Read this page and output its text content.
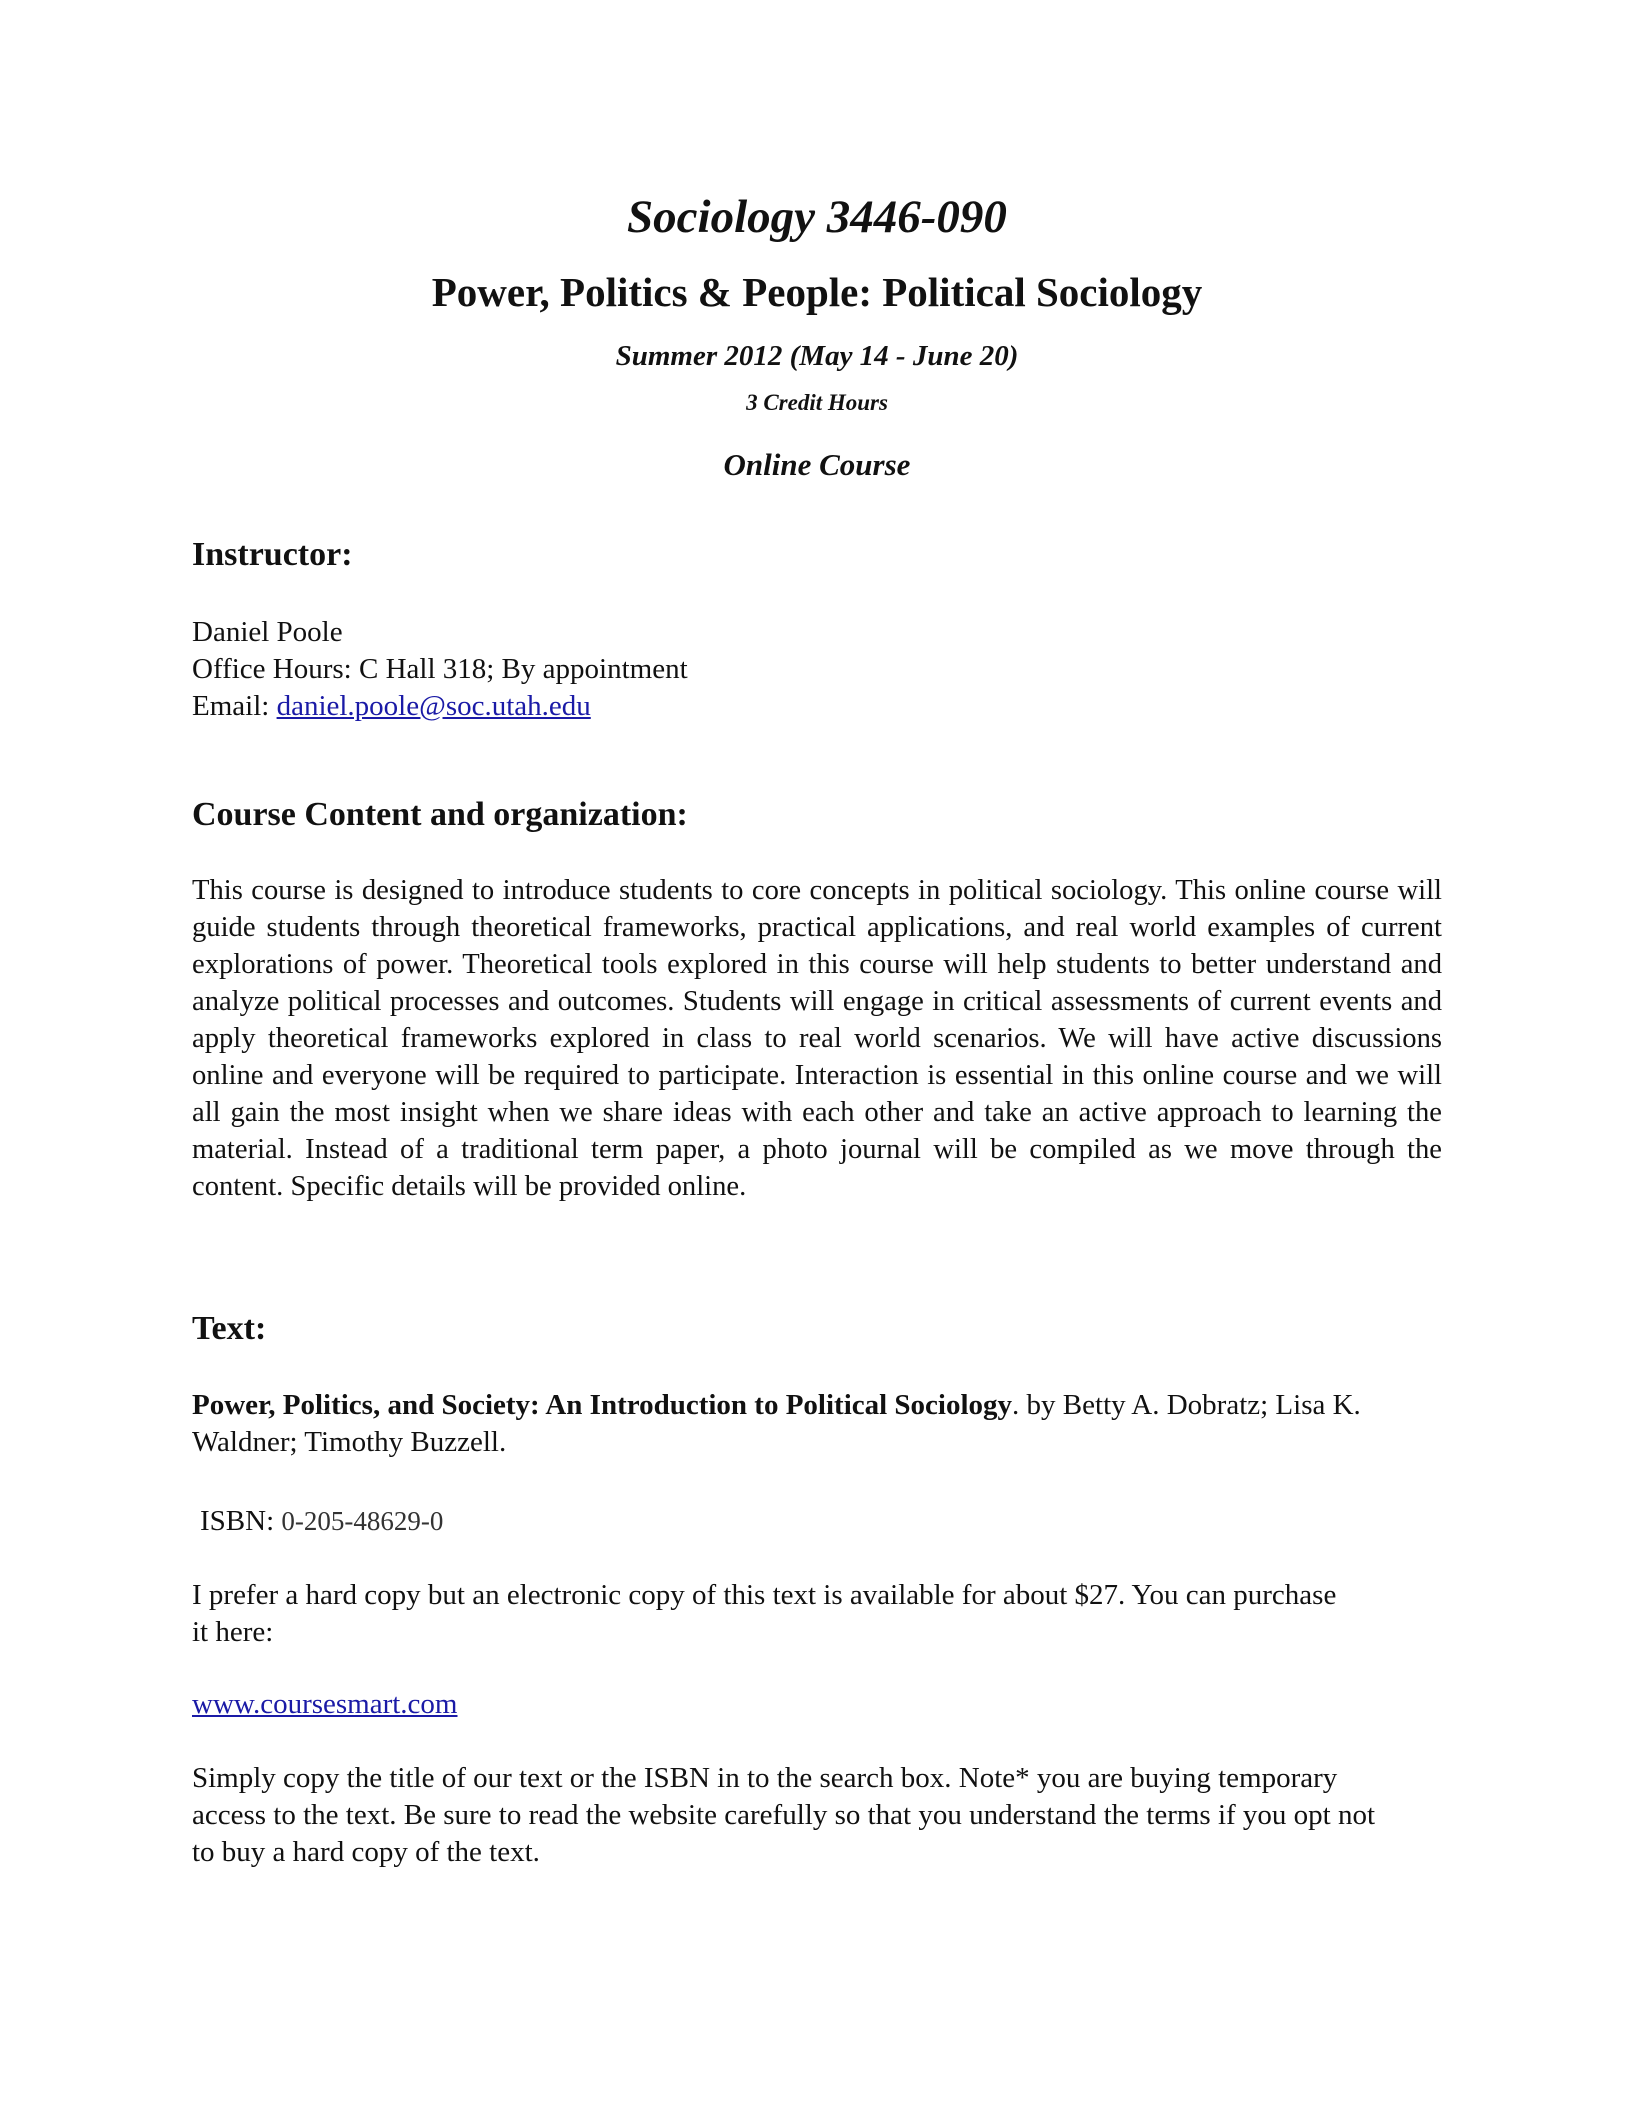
Sociology 3446-090
Power, Politics & People: Political Sociology
Summer 2012 (May 14 - June 20)
3 Credit Hours
Online Course
Instructor:
Daniel Poole
Office Hours: C Hall 318; By appointment
Email: daniel.poole@soc.utah.edu
Course Content and organization:
This course is designed to introduce students to core concepts in political sociology. This online course will guide students through theoretical frameworks, practical applications, and real world examples of current explorations of power. Theoretical tools explored in this course will help students to better understand and analyze political processes and outcomes. Students will engage in critical assessments of current events and apply theoretical frameworks explored in class to real world scenarios. We will have active discussions online and everyone will be required to participate. Interaction is essential in this online course and we will all gain the most insight when we share ideas with each other and take an active approach to learning the material. Instead of a traditional term paper, a photo journal will be compiled as we move through the content. Specific details will be provided online.
Text:
Power, Politics, and Society: An Introduction to Political Sociology. by Betty A. Dobratz; Lisa K. Waldner; Timothy Buzzell.
ISBN: 0-205-48629-0
I prefer a hard copy but an electronic copy of this text is available for about $27. You can purchase it here:
www.coursesmart.com
Simply copy the title of our text or the ISBN in to the search box. Note* you are buying temporary access to the text. Be sure to read the website carefully so that you understand the terms if you opt not to buy a hard copy of the text.
